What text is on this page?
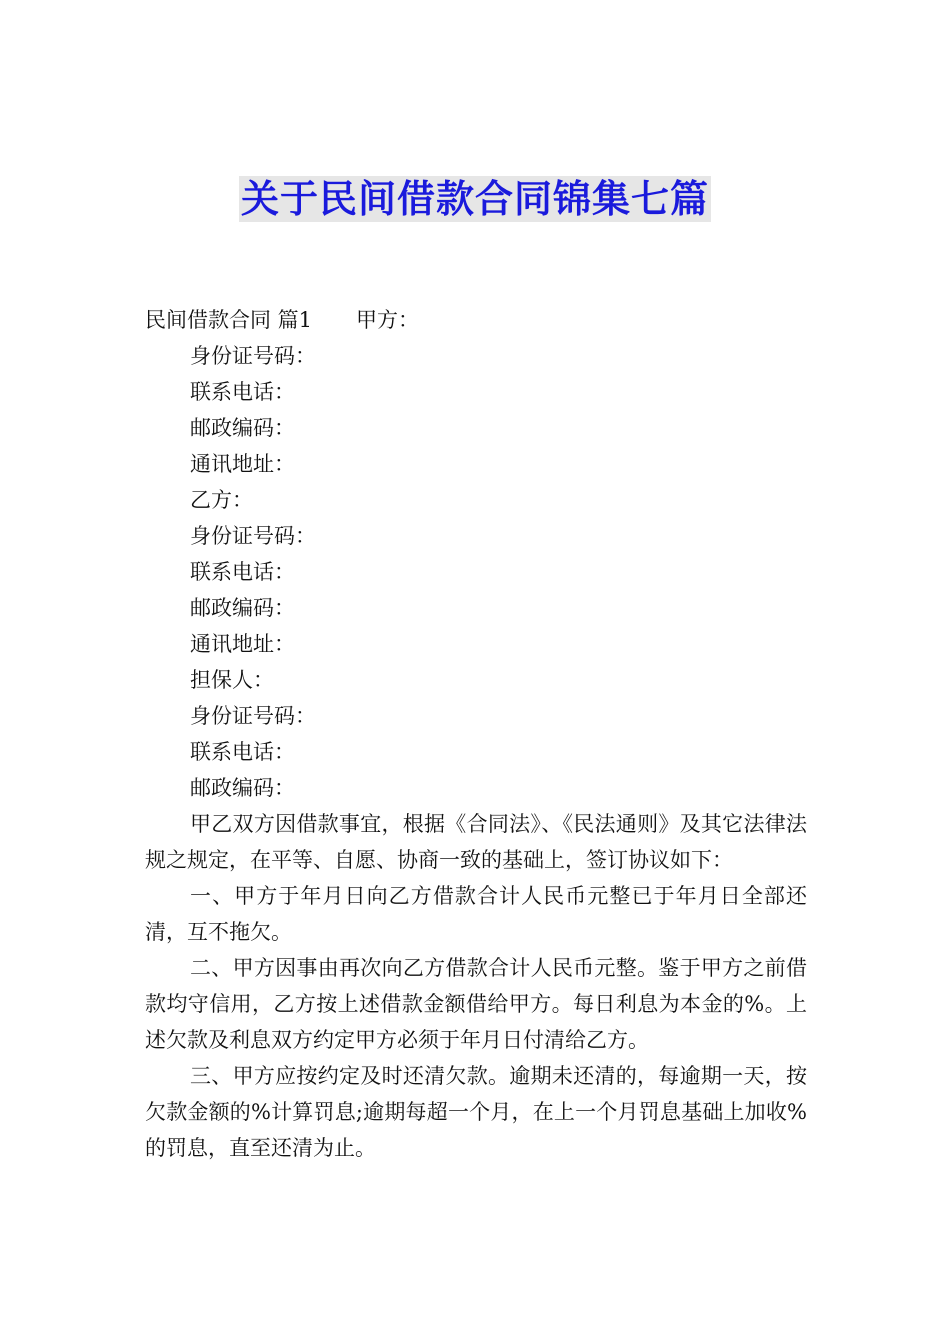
关于民间借款合同锦集七篇
民间借款合同 篇1 甲方：
身份证号码：
联系电话：
邮政编码：
通讯地址：
乙方：
身份证号码：
联系电话：
邮政编码：
通讯地址：
担保人：
身份证号码：
联系电话：
邮政编码：

甲乙双方因借款事宜，根据《合同法》、《民法通则》及其它法律法规之规定，在平等、自愿、协商一致的基础上，签订协议如下：

一、甲方于年月日向乙方借款合计人民币元整已于年月日全部还清，互不拖欠。

二、甲方因事由再次向乙方借款合计人民币元整。鉴于甲方之前借款均守信用，乙方按上述借款金额借给甲方。每日利息为本金的%。上述欠款及利息双方约定甲方必须于年月日付清给乙方。

三、甲方应按约定及时还清欠款。逾期未还清的，每逾期一天，按欠款金额的%计算罚息;逾期每超一个月，在上一个月罚息基础上加收%的罚息，直至还清为止。
